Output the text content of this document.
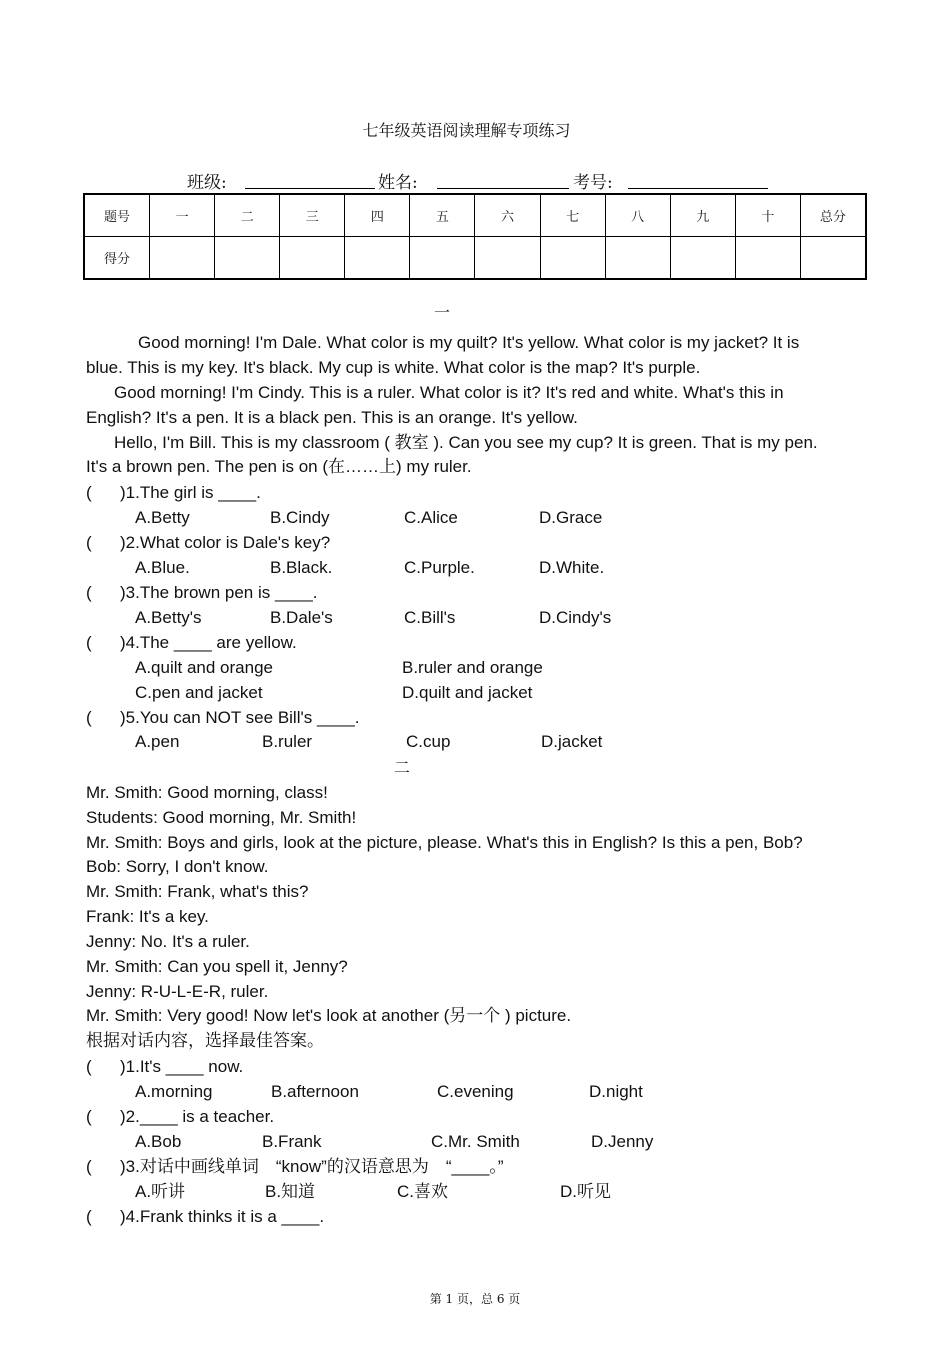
七年级英语阅读理解专项练习
班级:	姓名:	考号:
题号	一	二	三	四	五	六	七	八	九	十	总分
得分											
一
Good morning! I'm Dale. What color is my quilt? It's yellow. What color is my jacket? It is
blue. This is my key. It's black. My cup is white. What color is the map? It's purple.
Good morning! I'm Cindy. This is a ruler. What color is it? It's red and white. What's this in
English? It's a pen. It is a black pen. This is an orange. It's yellow.
Hello, I'm Bill. This is my classroom ( 教室 ). Can you see my cup? It is green. That is my pen.
It's a brown pen. The pen is on (在……上) my ruler.
( )1.The girl is ____.
A.Betty	B.Cindy	C.Alice	D.Grace
( )2.What color is Dale's key?
A.Blue.	B.Black.	C.Purple.	D.White.
( )3.The brown pen is ____.
A.Betty's	B.Dale's	C.Bill's	D.Cindy's
( )4.The ____ are yellow.
A.quilt and orange	B.ruler and orange
C.pen and jacket	D.quilt and jacket
( )5.You can NOT see Bill's ____.
A.pen	B.ruler	C.cup	D.jacket
二
Mr. Smith: Good morning, class!
Students: Good morning, Mr. Smith!
Mr. Smith: Boys and girls, look at the picture, please. What's this in English? Is this a pen, Bob?
Bob: Sorry, I don't know.
Mr. Smith: Frank, what's this?
Frank: It's a key.
Jenny: No. It's a ruler.
Mr. Smith: Can you spell it, Jenny?
Jenny: R-U-L-E-R, ruler.
Mr. Smith: Very good! Now let's look at another (另一个 ) picture.
根据对话内容，选择最佳答案。
( )1.It's ____ now.
A.morning	B.afternoon	C.evening	D.night
( )2.____ is a teacher.
A.Bob	B.Frank	C.Mr. Smith	D.Jenny
( )3.对话中画线单词　“know”的汉语意思为　“____。”
A.听讲	B.知道	C.喜欢	D.听见
( )4.Frank thinks it is a ____.
第 1 页，总 6 页
